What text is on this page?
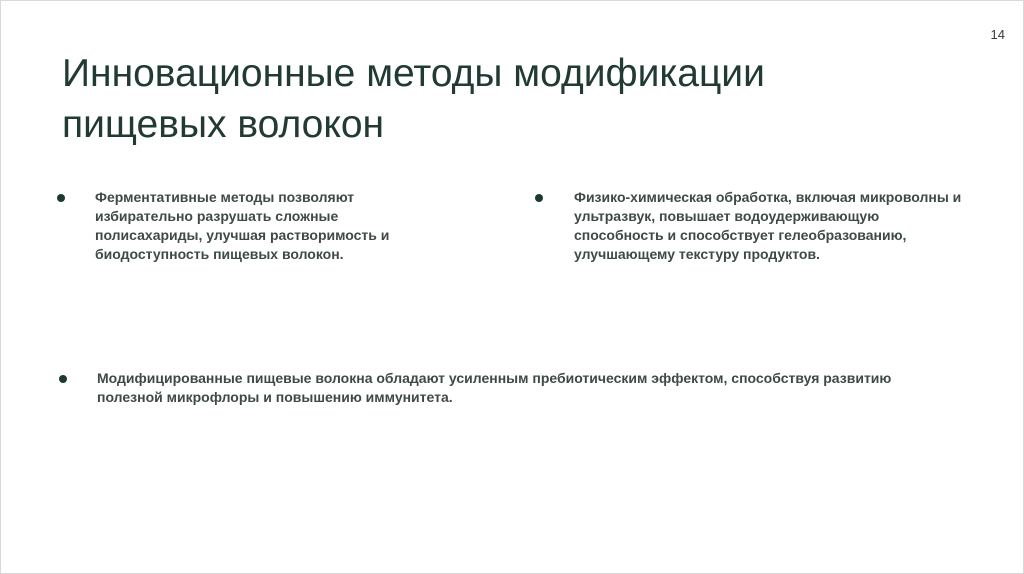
14
Инновационные методы модификации пищевых волокон
Ферментативные методы позволяют избирательно разрушать сложные полисахариды, улучшая растворимость и биодоступность пищевых волокон.
Физико-химическая обработка, включая микроволны и ультразвук, повышает водоудерживающую способность и способствует гелеобразованию, улучшающему текстуру продуктов.
Модифицированные пищевые волокна обладают усиленным пребиотическим эффектом, способствуя развитию полезной микрофлоры и повышению иммунитета.
